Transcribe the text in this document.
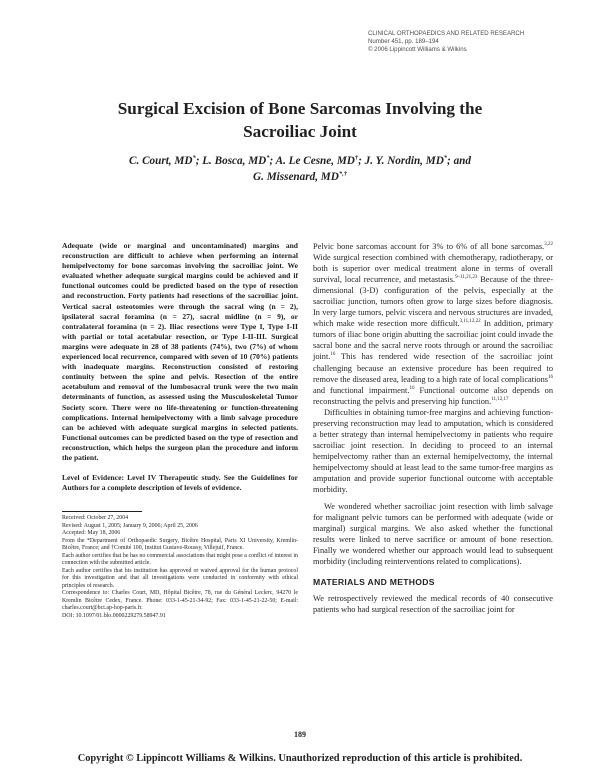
CLINICAL ORTHOPAEDICS AND RELATED RESEARCH
Number 451, pp. 189–194
© 2006 Lippincott Williams & Wilkins
Surgical Excision of Bone Sarcomas Involving the
Sacroiliac Joint
C. Court, MD*; L. Bosca, MD*; A. Le Cesne, MD†; J. Y. Nordin, MD*; and
G. Missenard, MD*,†

Adequate (wide or marginal and uncontaminated) margins and reconstruction are difficult to achieve when performing an internal hemipelvectomy for bone sarcomas involving the sacroiliac joint. We evaluated whether adequate surgical margins could be achieved and if functional outcomes could be predicted based on the type of resection and reconstruction. Forty patients had resections of the sacroiliac joint. Vertical sacral osteotomies were through the sacral wing (n = 2), ipsilateral sacral foramina (n = 27), sacral midline (n = 9), or contralateral foramina (n = 2). Iliac resections were Type I, Type I-II with partial or total acetabular resection, or Type I-II-III. Surgical margins were adequate in 28 of 38 patients (74%), two (7%) of whom experienced local recurrence, compared with seven of 10 (70%) patients with inadequate margins. Reconstruction consisted of restoring continuity between the spine and pelvis. Resection of the entire acetabulum and removal of the lumbosacral trunk were the two main determinants of function, as assessed using the Musculoskeletal Tumor Society score. There were no life-threatening or function-threatening complications. Internal hemipelvectomy with a limb salvage procedure can be achieved with adequate surgical margins in selected patients. Functional outcomes can be predicted based on the type of resection and reconstruction, which helps the surgeon plan the procedure and inform the patient.

Level of Evidence: Level IV Therapeutic study. See the Guidelines for Authors for a complete description of levels of evidence.

Received: October 27, 2004

Revised: August 1, 2005; January 9, 2006; April 25, 2006

Accepted: May 18, 2006

From the *Department of Orthopaedic Surgery, Bicêtre Hospital, Paris XI University, Kremlin-Bicêtre, France; and †Comité 100, Institut Gustave-Roussy, Villejuif, France.

Each author certifies that he has no commercial associations that might pose a conflict of interest in connection with the submitted article.

Each author certifies that his institution has approved or waived approval for the human protocol for this investigation and that all investigations were conducted in conformity with ethical principles of research.

Correspondence to: Charles Court, MD, Hôpital Bicêtre, 78, rue du Général Leclerc, 94270 le Kremlin Bicêtre Cedex, France. Phone: 033-1-45-21-34-92; Fax: 033-1-45-21-22-50; E-mail: charles.court@bct.ap-hop-paris.fr.

DOI: 10.1097/01.blo.0000229279.58947.91

Pelvic bone sarcomas account for 3% to 6% of all bone sarcomas.$^{3,22}$ Wide surgical resection combined with chemotherapy, radiotherapy, or both is superior over medical treatment alone in terms of overall survival, local recurrence, and metastasis.$^{9-11,21,23}$ Because of the three-dimensional (3-D) configuration of the pelvis, especially at the sacroiliac junction, tumors often grow to large sizes before diagnosis. In very large tumors, pelvic viscera and nervous structures are invaded, which make wide resection more difficult.$^{3,11,12,22}$ In addition, primary tumors of iliac bone origin abutting the sacroiliac joint could invade the sacral bone and the sacral nerve roots through or around the sacroiliac joint.$^{16}$ This has rendered wide resection of the sacroiliac joint challenging because an extensive procedure has been required to remove the diseased area, leading to a high rate of local complications$^{16}$ and functional impairment.$^{16}$ Functional outcome also depends on reconstructing the pelvis and preserving hip function.$^{11,12,17}$

Difficulties in obtaining tumor-free margins and achieving function-preserving reconstruction may lead to amputation, which is considered a better strategy than internal hemipelvectomy in patients who require sacroiliac joint resection. In deciding to proceed to an internal hemipelvectomy rather than an external hemipelvectomy, the internal hemipelvectomy should at least lead to the same tumor-free margins as amputation and provide superior functional outcome with acceptable morbidity.

We wondered whether sacroiliac joint resection with limb salvage for malignant pelvic tumors can be performed with adequate (wide or marginal) surgical margins. We also asked whether the functional results were linked to nerve sacrifice or amount of bone resection. Finally we wondered whether our approach would lead to subsequent morbidity (including reinterventions related to complications).

MATERIALS AND METHODS

We retrospectively reviewed the medical records of 40 consecutive patients who had surgical resection of the sacroiliac joint for

189
Copyright © Lippincott Williams & Wilkins. Unauthorized reproduction of this article is prohibited.
